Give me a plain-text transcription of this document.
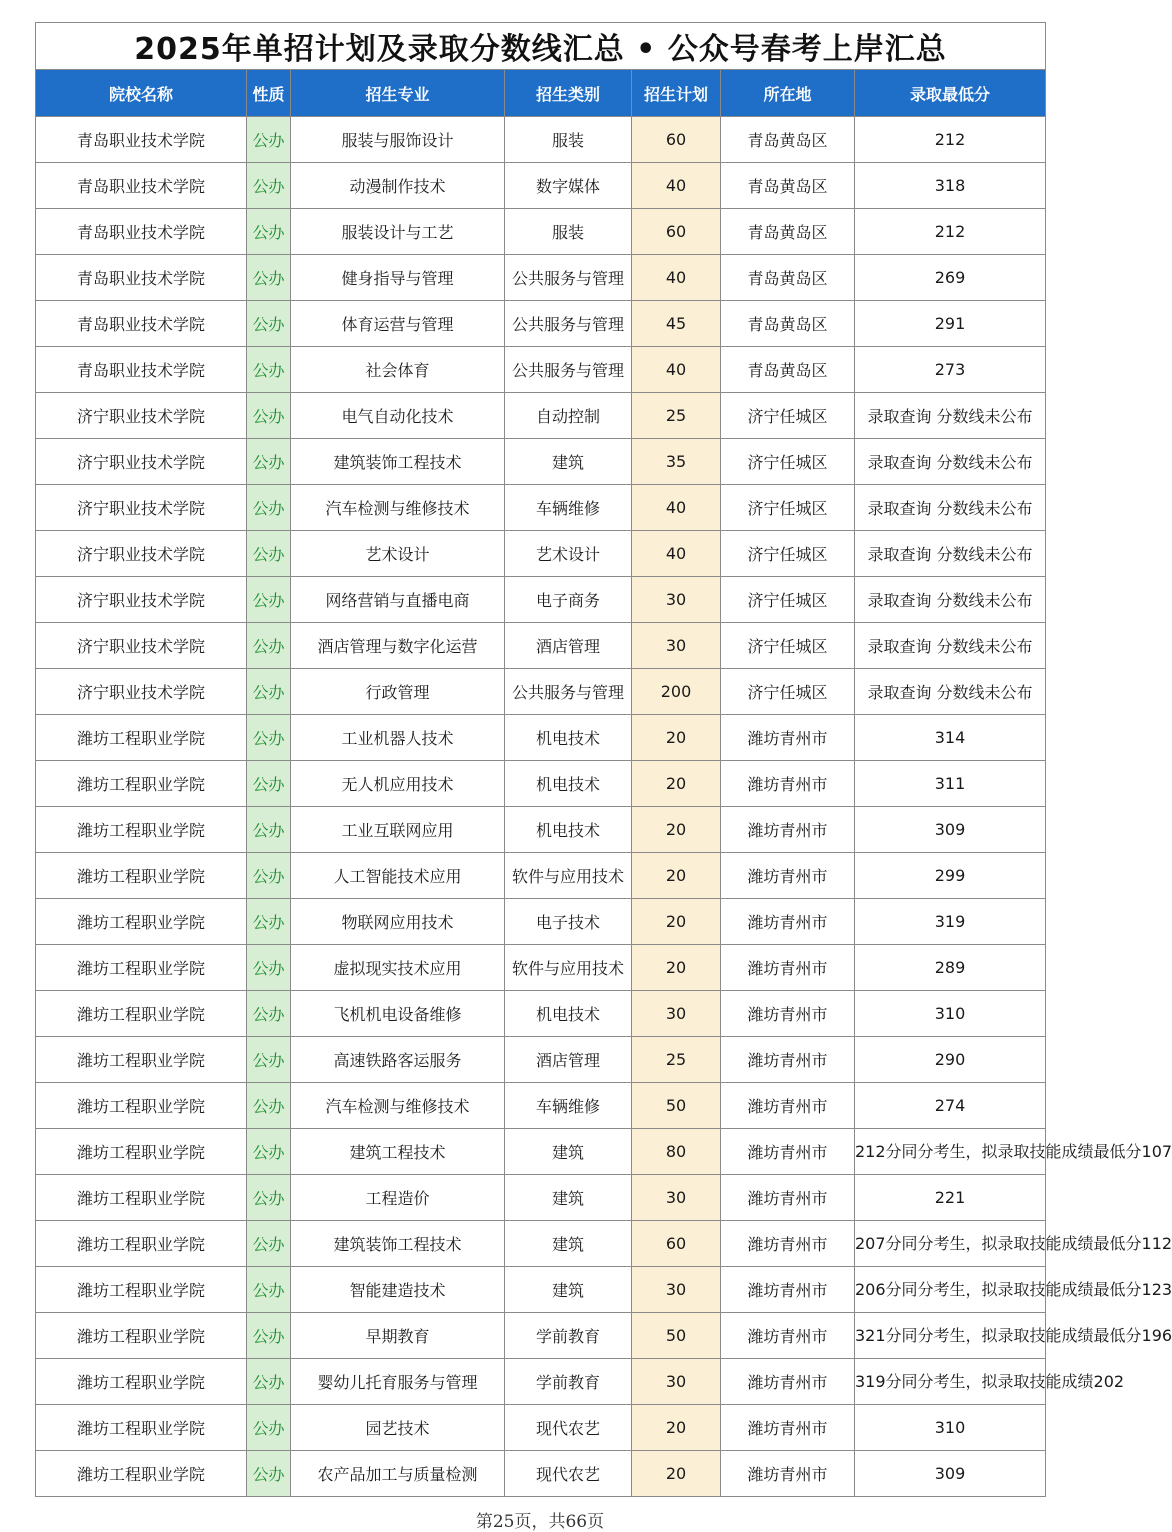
2025年单招计划及录取分数线汇总 • 公众号春考上岸汇总						
院校名称	性质	招生专业	招生类别	招生计划	所在地	录取最低分
青岛职业技术学院	公办	服装与服饰设计	服装	60	青岛黄岛区	212
青岛职业技术学院	公办	动漫制作技术	数字媒体	40	青岛黄岛区	318
青岛职业技术学院	公办	服装设计与工艺	服装	60	青岛黄岛区	212
青岛职业技术学院	公办	健身指导与管理	公共服务与管理	40	青岛黄岛区	269
青岛职业技术学院	公办	体育运营与管理	公共服务与管理	45	青岛黄岛区	291
青岛职业技术学院	公办	社会体育	公共服务与管理	40	青岛黄岛区	273
济宁职业技术学院	公办	电气自动化技术	自动控制	25	济宁任城区	录取查询 分数线未公布
济宁职业技术学院	公办	建筑装饰工程技术	建筑	35	济宁任城区	录取查询 分数线未公布
济宁职业技术学院	公办	汽车检测与维修技术	车辆维修	40	济宁任城区	录取查询 分数线未公布
济宁职业技术学院	公办	艺术设计	艺术设计	40	济宁任城区	录取查询 分数线未公布
济宁职业技术学院	公办	网络营销与直播电商	电子商务	30	济宁任城区	录取查询 分数线未公布
济宁职业技术学院	公办	酒店管理与数字化运营	酒店管理	30	济宁任城区	录取查询 分数线未公布
济宁职业技术学院	公办	行政管理	公共服务与管理	200	济宁任城区	录取查询 分数线未公布
潍坊工程职业学院	公办	工业机器人技术	机电技术	20	潍坊青州市	314
潍坊工程职业学院	公办	无人机应用技术	机电技术	20	潍坊青州市	311
潍坊工程职业学院	公办	工业互联网应用	机电技术	20	潍坊青州市	309
潍坊工程职业学院	公办	人工智能技术应用	软件与应用技术	20	潍坊青州市	299
潍坊工程职业学院	公办	物联网应用技术	电子技术	20	潍坊青州市	319
潍坊工程职业学院	公办	虚拟现实技术应用	软件与应用技术	20	潍坊青州市	289
潍坊工程职业学院	公办	飞机机电设备维修	机电技术	30	潍坊青州市	310
潍坊工程职业学院	公办	高速铁路客运服务	酒店管理	25	潍坊青州市	290
潍坊工程职业学院	公办	汽车检测与维修技术	车辆维修	50	潍坊青州市	274
潍坊工程职业学院	公办	建筑工程技术	建筑	80	潍坊青州市	212分同分考生，拟录取技能成绩最低分107
潍坊工程职业学院	公办	工程造价	建筑	30	潍坊青州市	221
潍坊工程职业学院	公办	建筑装饰工程技术	建筑	60	潍坊青州市	207分同分考生，拟录取技能成绩最低分112
潍坊工程职业学院	公办	智能建造技术	建筑	30	潍坊青州市	206分同分考生，拟录取技能成绩最低分123
潍坊工程职业学院	公办	早期教育	学前教育	50	潍坊青州市	321分同分考生，拟录取技能成绩最低分196
潍坊工程职业学院	公办	婴幼儿托育服务与管理	学前教育	30	潍坊青州市	319分同分考生，拟录取技能成绩202
潍坊工程职业学院	公办	园艺技术	现代农艺	20	潍坊青州市	310
潍坊工程职业学院	公办	农产品加工与质量检测	现代农艺	20	潍坊青州市	309
第25页，共66页
